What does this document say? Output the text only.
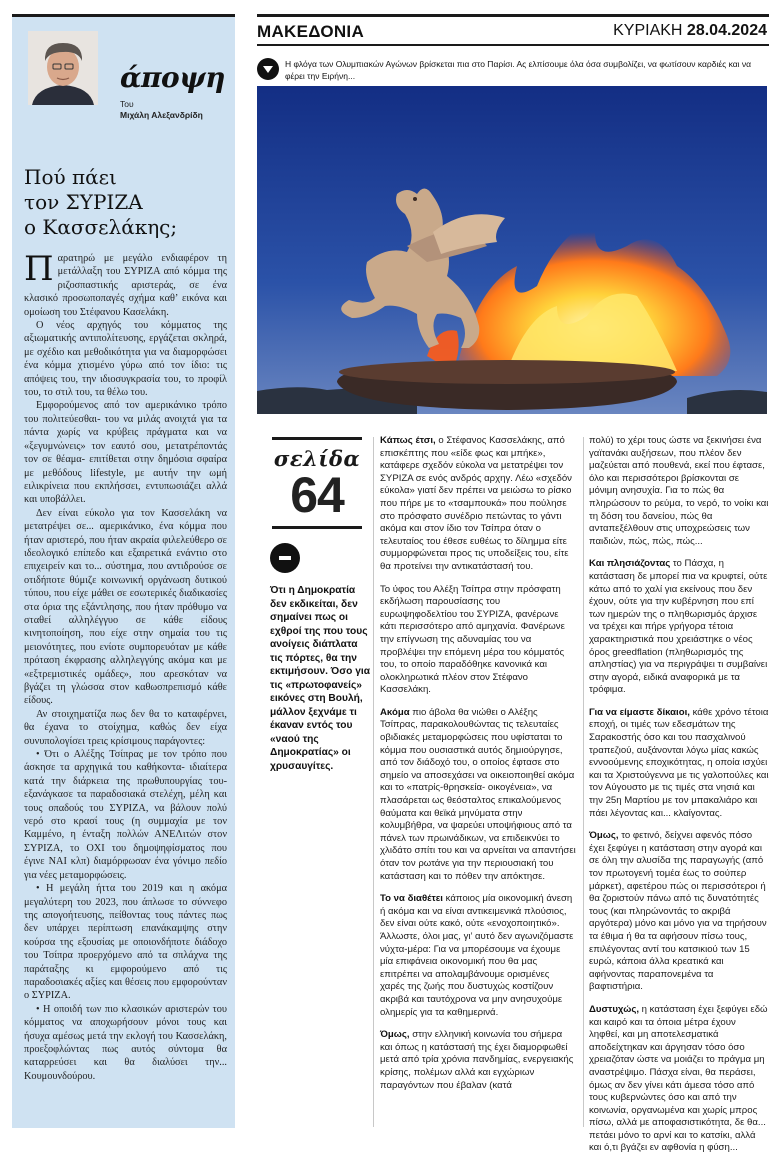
άποψη
Του
Μιχάλη Αλεξανδρίδη
Πού πάει
τον ΣΥΡΙΖΑ
ο Κασσελάκης;

Παρατηρώ με μεγάλο ενδιαφέρον τη μετάλλαξη του ΣΥΡΙΖΑ από κόμμα της ριζοσπαστικής αριστεράς, σε ένα κλασικό προσωποπαγές σχήμα καθ’ εικόνα και ομοίωση του Στέφανου Κασελάκη.

Ο νέος αρχηγός του κόμματος της αξιωματικής αντιπολίτευσης, εργάζεται σκληρά, με σχέδιο και μεθοδικότητα για να διαμορφώσει ένα κόμμα χτισμένο γύρω από τον ίδιο: τις απόψεις του, την ιδιοσυγκρασία του, το προφίλ του, το στιλ του, τα θέλω του.

Εμφορούμενος από τον αμερικάνικο τρόπο του πολιτεύεσθαι- του να μιλάς ανοιχτά για τα πάντα χωρίς να κρύβεις πράγματα και να «ξεγυμνώνεις» τον εαυτό σου, μετατρέποντάς τον σε θέαμα- επιτίθεται στην δημόσια σφαίρα με μεθόδους lifestyle, με αυτήν την ωμή ειλικρίνεια που εκπλήσσει, εντυπωσιάζει αλλά και υποβάλλει.

Δεν είναι εύκολο για τον Κασσελάκη να μετατρέψει σε... αμερικάνικο, ένα κόμμα που ήταν αριστερό, που ήταν ακραία φιλελεύθερο σε ιδεολογικό επίπεδο και εξαιρετικά ενάντιο στο επιχειρείν και το... σύστημα, που αντιδρούσε σε οτιδήποτε θύμιζε κοινωνική οργάνωση δυτικού τύπου, που είχε μάθει σε εσωτερικές διαδικασίες στα όρια της εξάντλησης, που ήταν πρόθυμο να σταθεί αλληλέγγυο σε κάθε είδους κινητοποίηση, που είχε στην σημαία του τις μειονότητες, που ενίοτε συμπορευόταν με κάθε πρόταση έκφρασης αλληλεγγύης ακόμα και με «εξτρεμιστικές ομάδες», που αρεσκόταν να βγάζει τη γλώσσα στον καθωσπρεπισμό κάθε είδους.

Αν στοιχηματίζα πως δεν θα το καταφέρνει, θα έχανα το στοίχημα, καθώς δεν είχα συνυπολογίσει τρεις κρίσιμους παράγοντες:

• Ότι ο Αλέξης Τσίπρας με τον τρόπο που άσκησε τα αρχηγικά του καθήκοντα- ιδιαίτερα κατά την διάρκεια της πρωθυπουργίας του- εξανάγκασε τα παραδοσιακά στελέχη, μέλη και τους οπαδούς του ΣΥΡΙΖΑ, να βάλουν πολύ νερό στο κρασί τους (η συμμαχία με τον Καμμένο, η ένταξη πολλών ΑΝΕΛιτών στον ΣΥΡΙΖΑ, το ΟΧΙ του δημοψηφίσματος που έγινε ΝΑΙ κλπ) διαμόρφωσαν ένα γόνιμο πεδίο για νέες μεταμορφώσεις.

• Η μεγάλη ήττα του 2019 και η ακόμα μεγαλύτερη του 2023, που άπλωσε το σύννεφο της απογοήτευσης, πείθοντας τους πάντες πως δεν υπάρχει περίπτωση επανάκαμψης στην κούρσα της εξουσίας με οποιονδήποτε διάδοχο του Τσίπρα προερχόμενο από τα σπλάχνα της παράταξης κι εμφορούμενο από τις παραδοσιακές αξίες και θέσεις που εμφορούνταν ο ΣΥΡΙΖΑ.

• Η οποιδή των πιο κλασικών αριστερών του κόμματος να αποχωρήσουν μόνοι τους και ήσυχα αμέσως μετά την εκλογή του Κασσελάκη, προεξοφλώντας πως αυτός σύντομα θα καταρρεύσει και θα διαλύσει την... Κουμουνδούρου.

ΜΑΚΕΔΟΝΙΑ	ΚΥΡΙΑΚΗ 28.04.2024
Η φλόγα των Ολυμπιακών Αγώνων βρίσκεται πια στο Παρίσι. Ας ελπίσουμε όλα όσα συμβολίζει, να φωτίσουν καρδιές και να φέρει την Ειρήνη...
σελίδα
64
Ότι η Δημοκρατία δεν εκδικείται, δεν σημαίνει πως οι εχθροί της που τους ανοίγεις διάπλατα τις πόρτες, θα την εκτιμήσουν. Όσο για τις «πρωτοφανείς» εικόνες στη Βουλή, μάλλον ξεχνάμε τι έκαναν εντός του «ναού της Δημοκρατίας» οι χρυσαυγίτες.

Κάπως έτσι, ο Στέφανος Κασσελάκης, από επισκέπτης που «είδε φως και μπήκε», κατάφερε σχεδόν εύκολα να μετατρέψει τον ΣΥΡΙΖΑ σε ενός ανδρός αρχηγ. Λέω «σχεδόν εύκολα» γιατί δεν πρέπει να μειώσω το ρίσκο που πήρε με το «τσαμπουκά» που πούλησε στο πρόσφατο συνέδριο πετώντας το γάντι ακόμα και στον ίδιο τον Τσίπρα όταν ο τελευταίος του έθεσε ευθέως το δίλημμα είτε συμμορφώνεται προς τις υποδείξεις του, είτε θα προτείνει την αντικατάστασή του.

Το ύφος του Αλέξη Τσίπρα στην πρόσφατη εκδήλωση παρουσίασης του ευρωψηφοδελτίου του ΣΥΡΙΖΑ, φανέρωνε κάτι περισσότερο από αμηχανία. Φανέρωνε την επίγνωση της αδυναμίας του να προβλέψει την επόμενη μέρα του κόμματός του, το οποίο παραδόθηκε κανονικά και ολοκληρωτικά πλέον στον Στέφανο Κασσελάκη.

Ακόμα πιο άβολα θα νιώθει ο Αλέξης Τσίπρας, παρακολουθώντας τις τελευταίες οβιδιακές μεταμορφώσεις που υφίσταται το κόμμα που ουσιαστικά αυτός δημιούργησε, από τον διάδοχό του, ο οποίος έφτασε στο σημείο να αποσεχάσει να οικειοποιηθεί ακόμα και το «πατρίς-θρησκεία- οικογένεια», να πλασάρεται ως θεόσταλτος επικαλούμενος θαύματα και θεϊκά μηνύματα στην κολυμβήθρα, να ψαρεύει υποψήφιους από τα πάνελ των πρωινάδικων, να επιδεικνύει το χλιδάτο σπίτι του και να αρνείται να απαντήσει όταν τον ρωτάνε για την περιουσιακή του κατάσταση και το πόθεν την απόκτησε.

Το να διαθέτει κάποιος μία οικονομική άνεση ή ακόμα και να είναι αντικειμενικά πλούσιος, δεν είναι ούτε κακό, ούτε «ενοχοποιητικό». Άλλωστε, όλοι μας, γι’ αυτό δεν αγωνιζόμαστε νύχτα-μέρα: Για να μπορέσουμε να έχουμε μία επιφάνεια οικονομική που θα μας επιτρέπει να απολαμβάνουμε ορισμένες χαρές της ζωής που δυστυχώς κοστίζουν ακριβά και ταυτόχρονα να μην ανησυχούμε ολημερίς για τα καθημερινά.

Όμως, στην ελληνική κοινωνία του σήμερα και όπως η κατάστασή της έχει διαμορφωθεί μετά από τρία χρόνια πανδημίας, ενεργειακής κρίσης, πολέμων αλλά και εγχώριων παραγόντων που έβαλαν (κατά

πολύ) το χέρι τους ώστε να ξεκινήσει ένα γαϊτανάκι αυξήσεων, που πλέον δεν μαζεύεται από πουθενά, εκεί που έφτασε, όλο και περισσότεροι βρίσκονται σε μόνιμη ανησυχία. Για το πώς θα πληρώσουν το ρεύμα, το νερό, το νοίκι και τη δόση του δανείου, πώς θα ανταπεξέλθουν στις υποχρεώσεις των παιδιών, πώς, πώς, πώς...

Και πλησιάζοντας το Πάσχα, η κατάσταση δε μπορεί πια να κρυφτεί, ούτε κάτω από το χαλί για εκείνους που δεν έχουν, ούτε για την κυβέρνηση που επί των ημερών της ο πληθωρισμός άρχισε να τρέχει και πήρε γρήγορα τέτοια χαρακτηριστικά που χρειάστηκε ο νέος όρος greedflation (πληθωρισμός της απληστίας) για να περιγράψει τι συμβαίνει στην αγορά, ειδικά αναφορικά με τα τρόφιμα.

Για να είμαστε δίκαιοι, κάθε χρόνο τέτοια εποχή, οι τιμές των εδεσμάτων της Σαρακοστής όσο και του πασχαλινού τραπεζιού, αυξάνονται λόγω μίας κακώς εννοούμενης εποχικότητας, η οποία ισχύει και τα Χριστούγεννα με τις γαλοπούλες και τον Αύγουστο με τις τιμές στα νησιά και την 25η Μαρτίου με τον μπακαλιάρο και πάει λέγοντας και... κλαίγοντας.

Όμως, το φετινό, δείχνει αφενός πόσο έχει ξεφύγει η κατάσταση στην αγορά και σε όλη την αλυσίδα της παραγωγής (από τον πρωτογενή τομέα έως το σούπερ μάρκετ), αφετέρου πώς οι περισσότεροι ή θα ζοριστούν πάνω από τις δυνατότητές τους (και πληρώνοντάς το ακριβά αργότερα) μόνο και μόνο για να τηρήσουν τα έθιμα ή θα τα αφήσουν πίσω τους, επιλέγοντας αντί του κατσικιού των 15 ευρώ, κάποια άλλα κρεατικά και αφήνοντας παραπονεμένα τα βαφτιστήρια.

Δυστυχώς, η κατάσταση έχει ξεφύγει εδώ και καιρό και τα όποια μέτρα έχουν ληφθεί, και μη αποτελεσματικά αποδείχτηκαν και άργησαν τόσο όσο χρειαζόταν ώστε να μοιάζει το πράγμα μη αναστρέψιμο. Πάσχα είναι, θα περάσει, όμως αν δεν γίνει κάτι άμεσα τόσο από τους κυβερνώντες όσο και από την κοινωνία, οργανωμένα και χωρίς μπρος πίσω, αλλά με αποφασιστικότητα, δε θα... πετάει μόνο το αρνί και το κατσίκι, αλλά και ό,τι βγάζει εν αφθονία η φύση...
